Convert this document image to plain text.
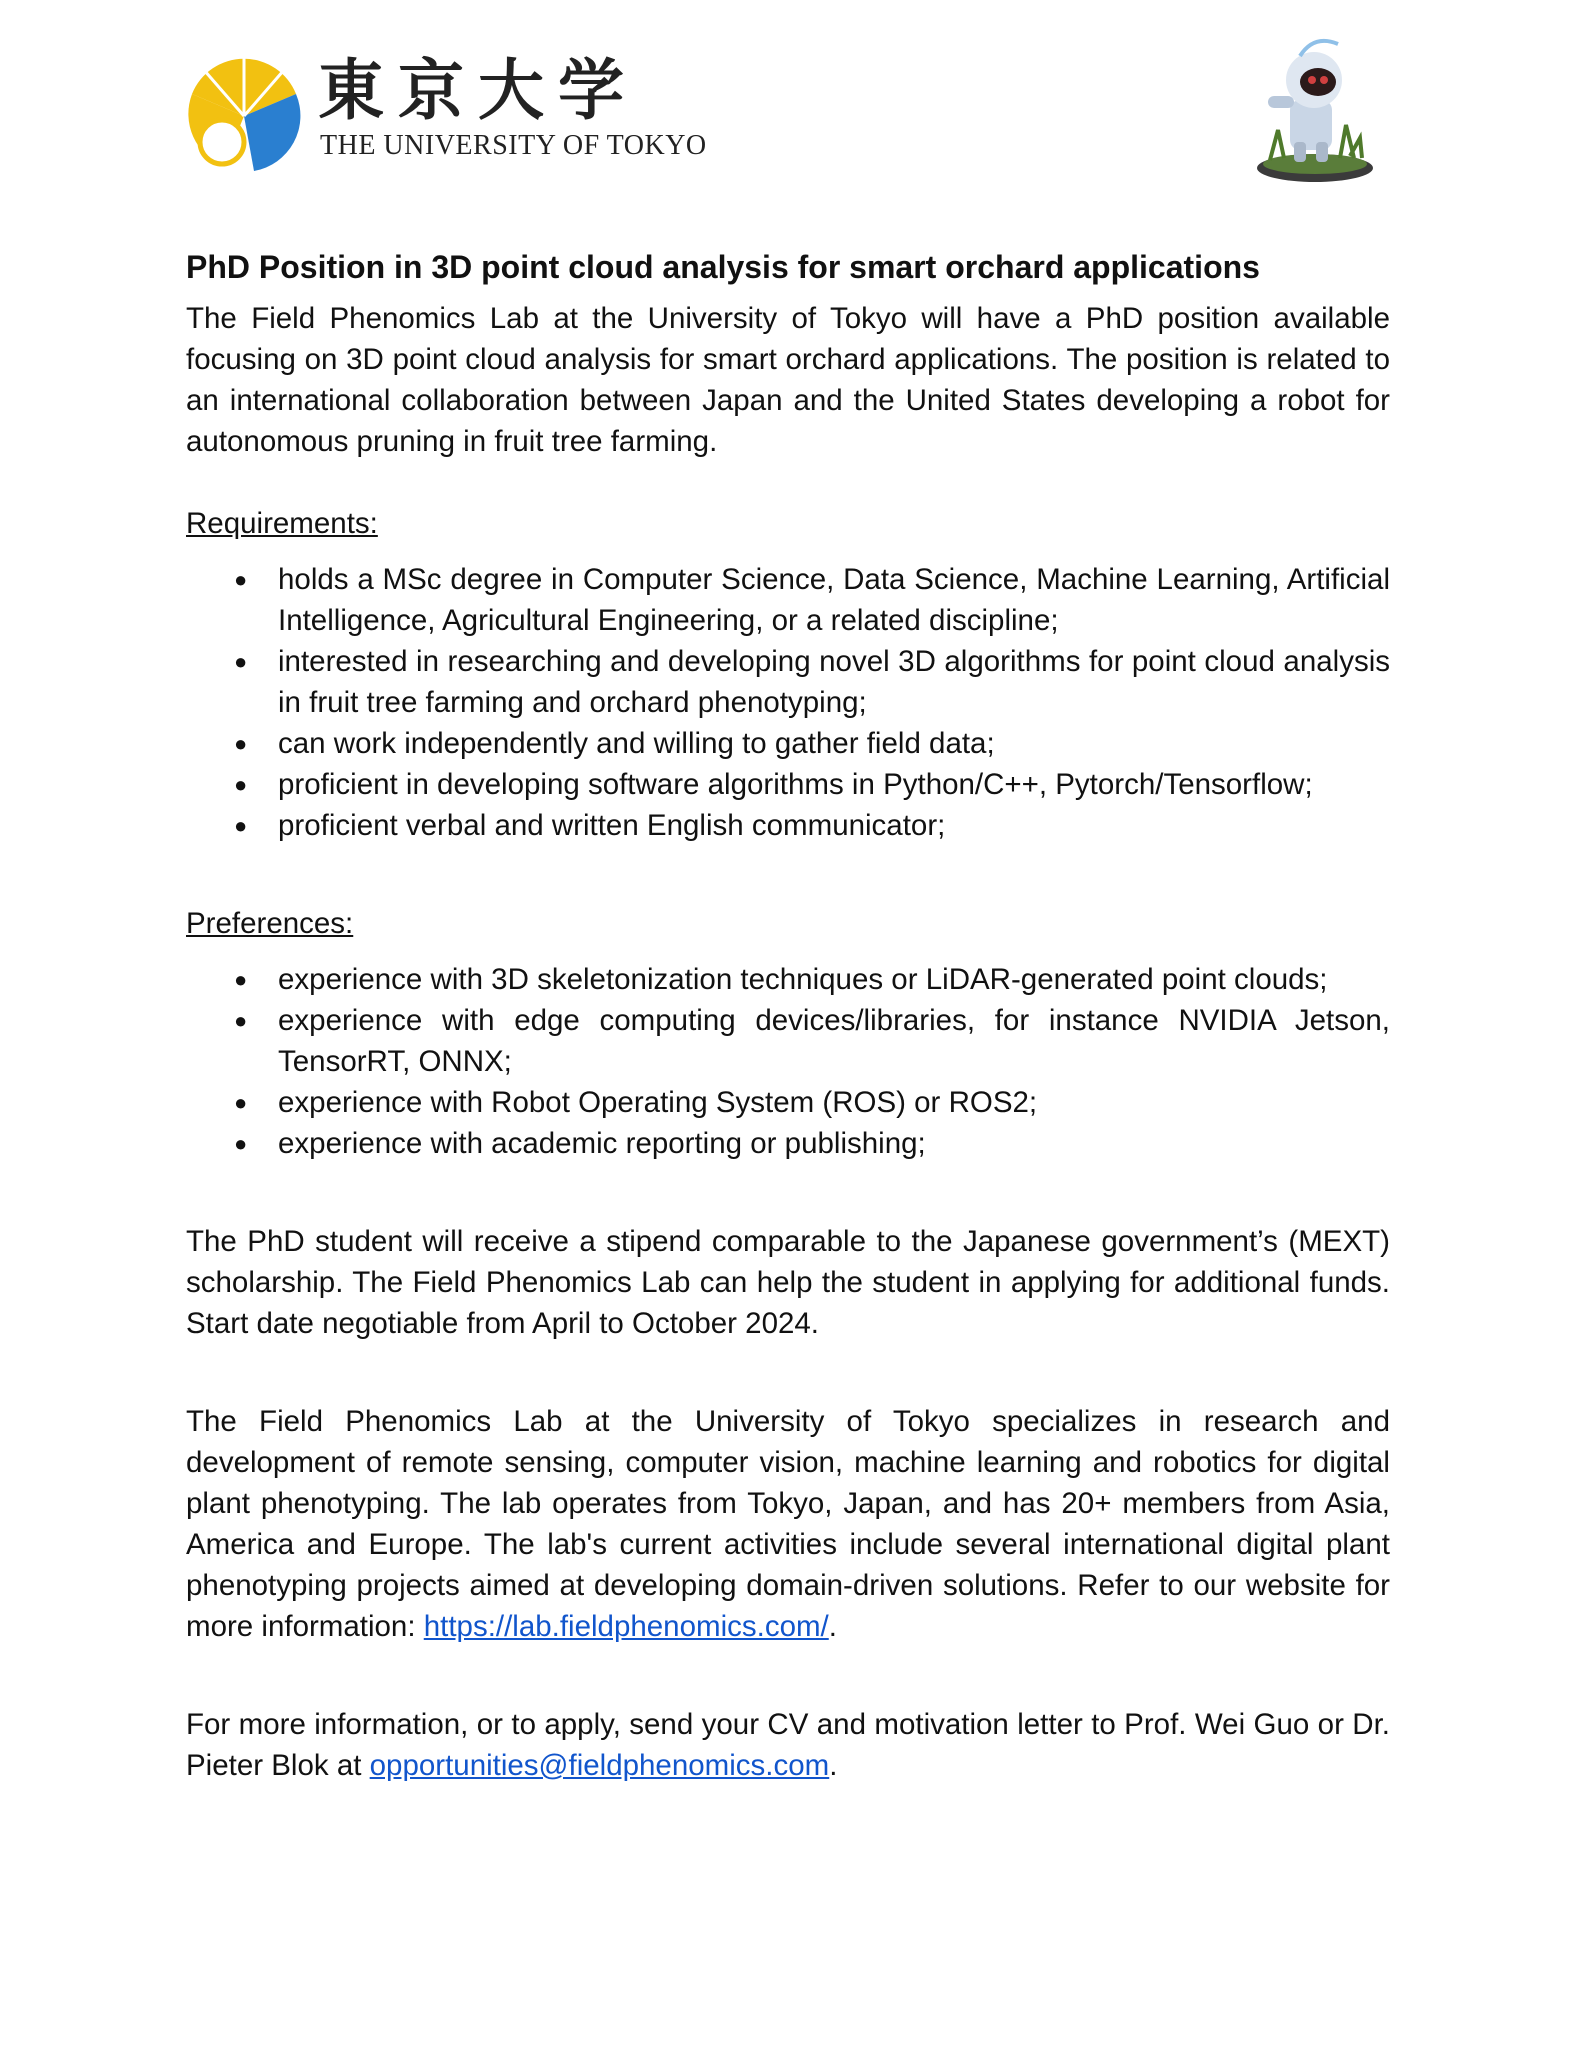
東京大学
THE UNIVERSITY OF TOKYO
PhD Position in 3D point cloud analysis for smart orchard applications

The Field Phenomics Lab at the University of Tokyo will have a PhD position available focusing on 3D point cloud analysis for smart orchard applications. The position is related to an international collaboration between Japan and the United States developing a robot for autonomous pruning in fruit tree farming.

Requirements:
● holds a MSc degree in Computer Science, Data Science, Machine Learning, Artificial Intelligence, Agricultural Engineering, or a related discipline;
● interested in researching and developing novel 3D algorithms for point cloud analysis in fruit tree farming and orchard phenotyping;
● can work independently and willing to gather field data;
● proficient in developing software algorithms in Python/C++, Pytorch/Tensorflow;
● proficient verbal and written English communicator;
Preferences:
● experience with 3D skeletonization techniques or LiDAR-generated point clouds;
● experience with edge computing devices/libraries, for instance NVIDIA Jetson, TensorRT, ONNX;
● experience with Robot Operating System (ROS) or ROS2;
● experience with academic reporting or publishing;

The PhD student will receive a stipend comparable to the Japanese government’s (MEXT) scholarship. The Field Phenomics Lab can help the student in applying for additional funds. Start date negotiable from April to October 2024.

The Field Phenomics Lab at the University of Tokyo specializes in research and development of remote sensing, computer vision, machine learning and robotics for digital plant phenotyping. The lab operates from Tokyo, Japan, and has 20+ members from Asia, America and Europe. The lab's current activities include several international digital plant phenotyping projects aimed at developing domain-driven solutions. Refer to our website for more information: https://lab.fieldphenomics.com/.

For more information, or to apply, send your CV and motivation letter to Prof. Wei Guo or Dr. Pieter Blok at opportunities@fieldphenomics.com.
